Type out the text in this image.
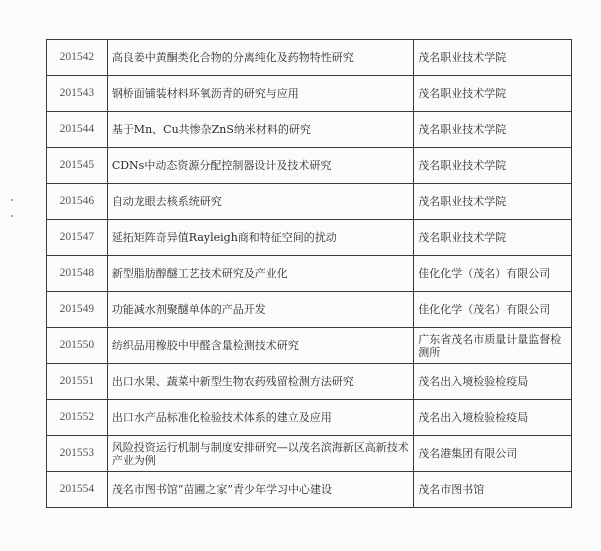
201542	高良姜中黄酮类化合物的分离纯化及药物特性研究	茂名职业技术学院
201543	钢桥面铺装材料环氧沥青的研究与应用	茂名职业技术学院
201544	基于Mn、Cu共惨杂ZnS纳米材料的研究	茂名职业技术学院
201545	CDNs中动态资源分配控制器设计及技术研究	茂名职业技术学院
201546	自动龙眼去核系统研究	茂名职业技术学院
201547	延拓矩阵奇异值Rayleigh商和特征空间的扰动	茂名职业技术学院
201548	新型脂肪醇醚工艺技术研究及产业化	佳化化学（茂名）有限公司
201549	功能减水剂聚醚单体的产品开发	佳化化学（茂名）有限公司
201550	纺织品用橡胶中甲醛含量检测技术研究	广东省茂名市质量计量监督检测所
201551	出口水果、蔬菜中新型生物农药残留检测方法研究	茂名出入境检验检疫局
201552	出口水产品标准化检验技术体系的建立及应用	茂名出入境检验检疫局
201553	风险投资运行机制与制度安排研究—以茂名滨海新区高新技术产业为例	茂名港集团有限公司
201554	茂名市图书馆“苗圃之家”青少年学习中心建设	茂名市图书馆
